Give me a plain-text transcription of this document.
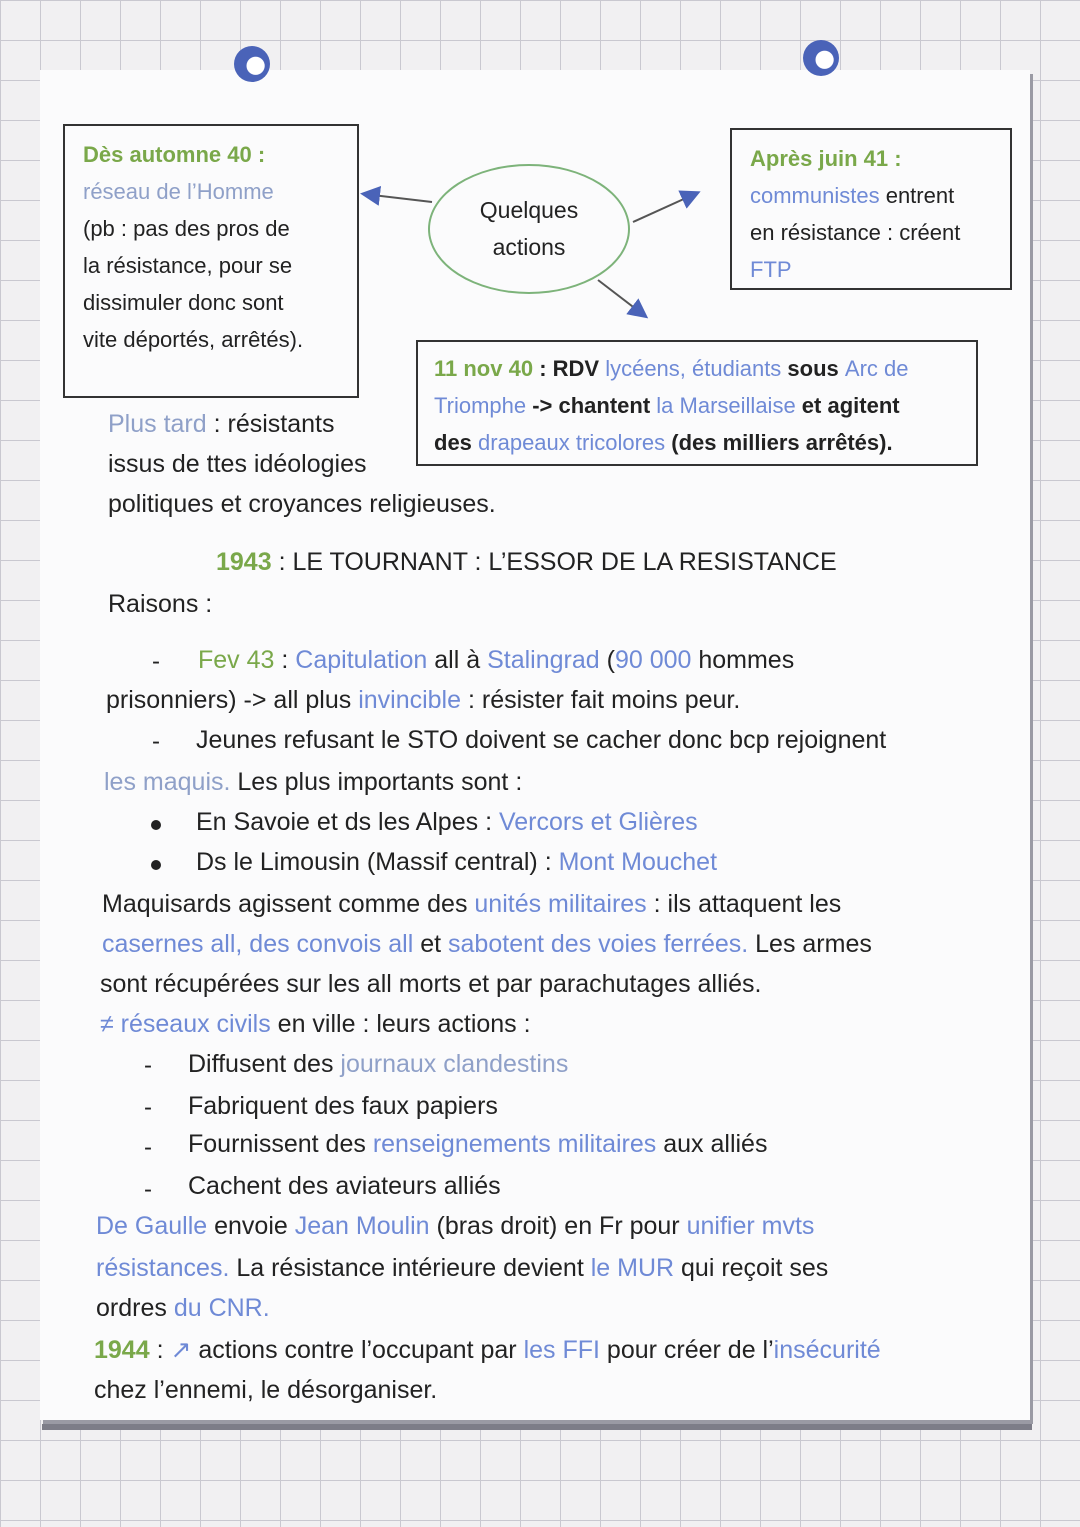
Dès automne 40 :
réseau de l’Homme
(pb : pas des pros de
la résistance, pour se
dissimuler donc sont
vite déportés, arrêtés).
Quelques
actions
Après juin 41 :
communistes entrent
en résistance : créent
FTP
11 nov 40 : RDV lycéens, étudiants sous Arc de
Triomphe -> chantent la Marseillaise et agitent
des drapeaux tricolores (des milliers arrêtés).
Plus tard : résistants
issus de ttes idéologies
politiques et croyances religieuses.
1943 : LE TOURNANT : L’ESSOR DE LA RESISTANCE
Raisons :
- Fev 43 : Capitulation all à Stalingrad (90 000 hommes
prisonniers) -> all plus invincible : résister fait moins peur.
- Jeunes refusant le STO doivent se cacher donc bcp rejoignent
les maquis. Les plus importants sont :
En Savoie et ds les Alpes : Vercors et Glières
Ds le Limousin (Massif central) : Mont Mouchet
Maquisards agissent comme des unités militaires : ils attaquent les
casernes all, des convois all et sabotent des voies ferrées. Les armes
sont récupérées sur les all morts et par parachutages alliés.
≠ réseaux civils en ville : leurs actions :
- Diffusent des journaux clandestins
- Fabriquent des faux papiers
- Fournissent des renseignements militaires aux alliés
- Cachent des aviateurs alliés
De Gaulle envoie Jean Moulin (bras droit) en Fr pour unifier mvts
résistances. La résistance intérieure devient le MUR qui reçoit ses
ordres du CNR.
1944 : ↗ actions contre l’occupant par les FFI pour créer de l’insécurité
chez l’ennemi, le désorganiser.
